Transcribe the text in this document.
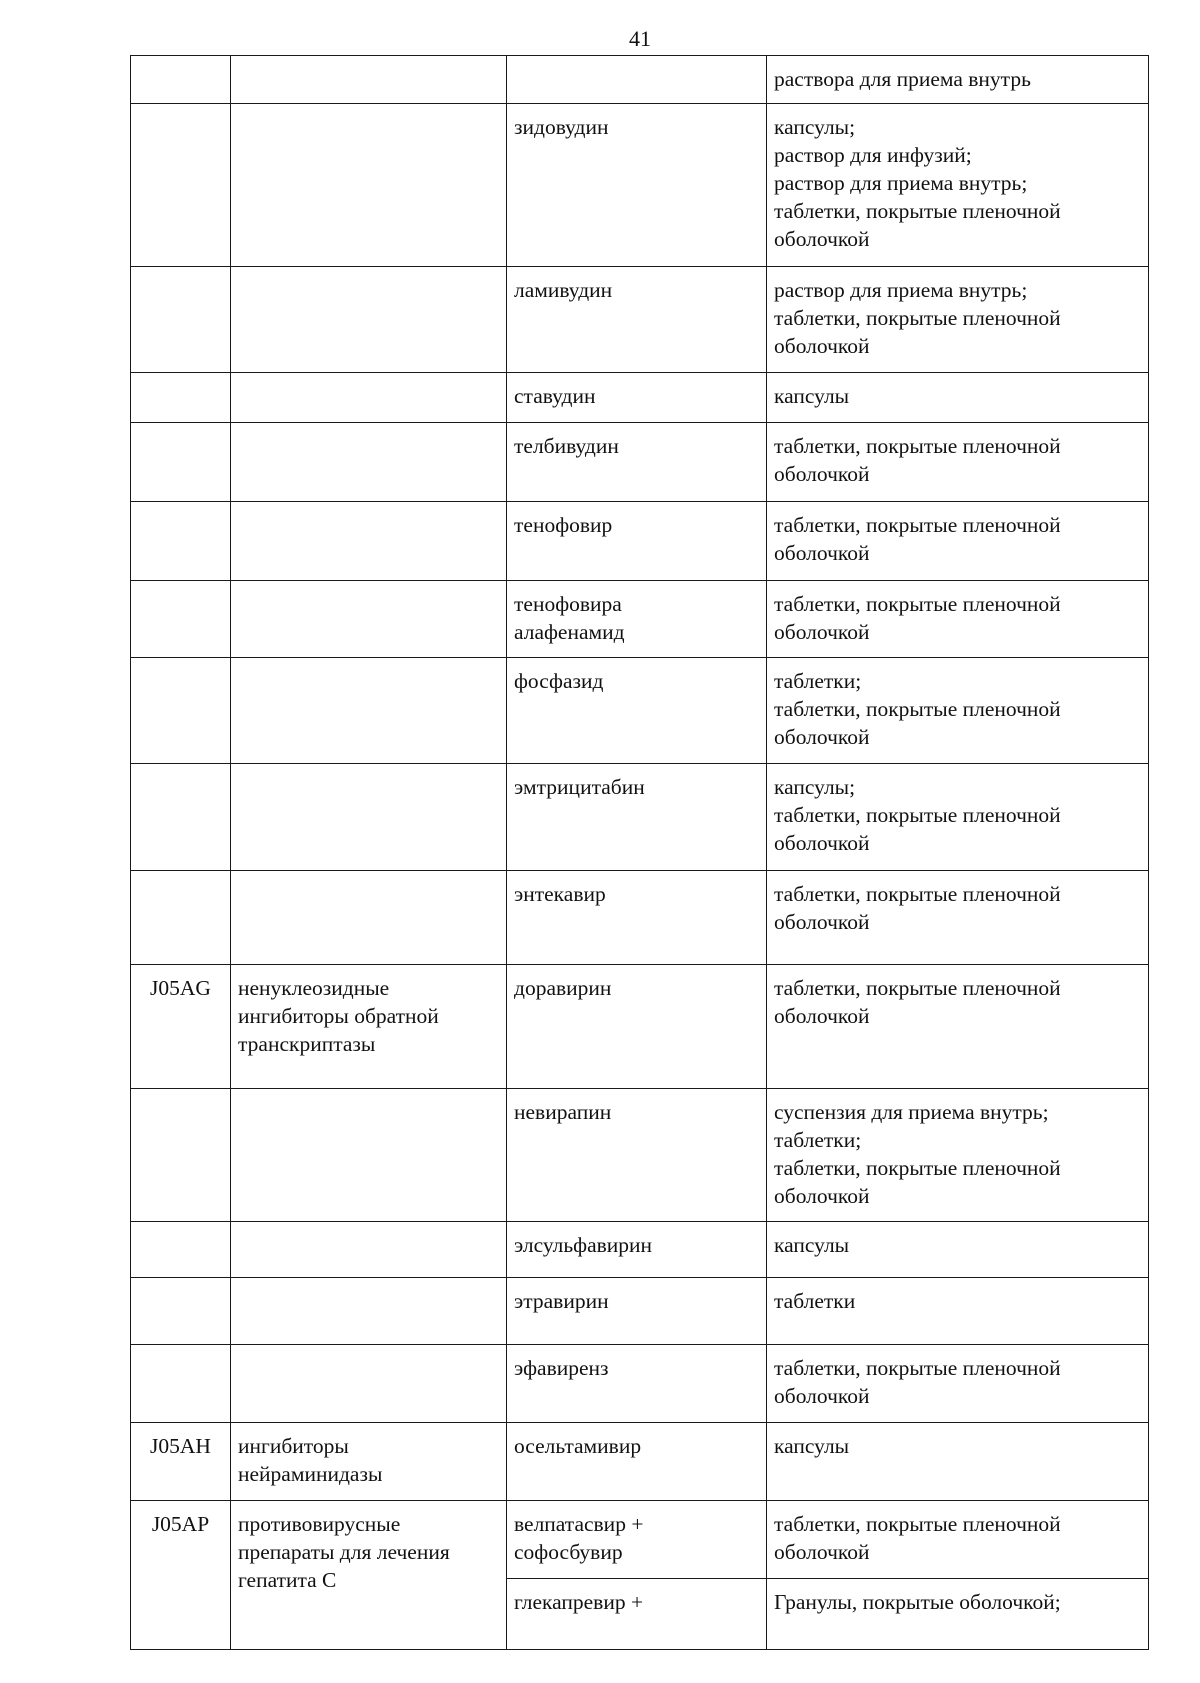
41

			раствора для приема внутрь

		зидовудин	капсулы;
раствор для инфузий;
раствор для приема внутрь;
таблетки, покрытые пленочной
оболочкой

		ламивудин	раствор для приема внутрь;
таблетки, покрытые пленочной
оболочкой

		ставудин	капсулы

		телбивудин	таблетки, покрытые пленочной
оболочкой

		тенофовир	таблетки, покрытые пленочной
оболочкой

		тенофовира
алафенамид	таблетки, покрытые пленочной
оболочкой

		фосфазид	таблетки;
таблетки, покрытые пленочной
оболочкой

		эмтрицитабин	капсулы;
таблетки, покрытые пленочной
оболочкой

		энтекавир	таблетки, покрытые пленочной
оболочкой

J05AG	ненуклеозидные
ингибиторы обратной
транскриптазы	доравирин	таблетки, покрытые пленочной
оболочкой

		невирапин	суспензия для приема внутрь;
таблетки;
таблетки, покрытые пленочной
оболочкой

		элсульфавирин	капсулы

		этравирин	таблетки

		эфавиренз	таблетки, покрытые пленочной
оболочкой

J05AH	ингибиторы
нейраминидазы	осельтамивир	капсулы

J05AP	противовирусные
препараты для лечения
гепатита С	велпатасвир +
софосбувир	таблетки, покрытые пленочной
оболочкой

		глекапревир +	Гранулы, покрытые оболочкой;
